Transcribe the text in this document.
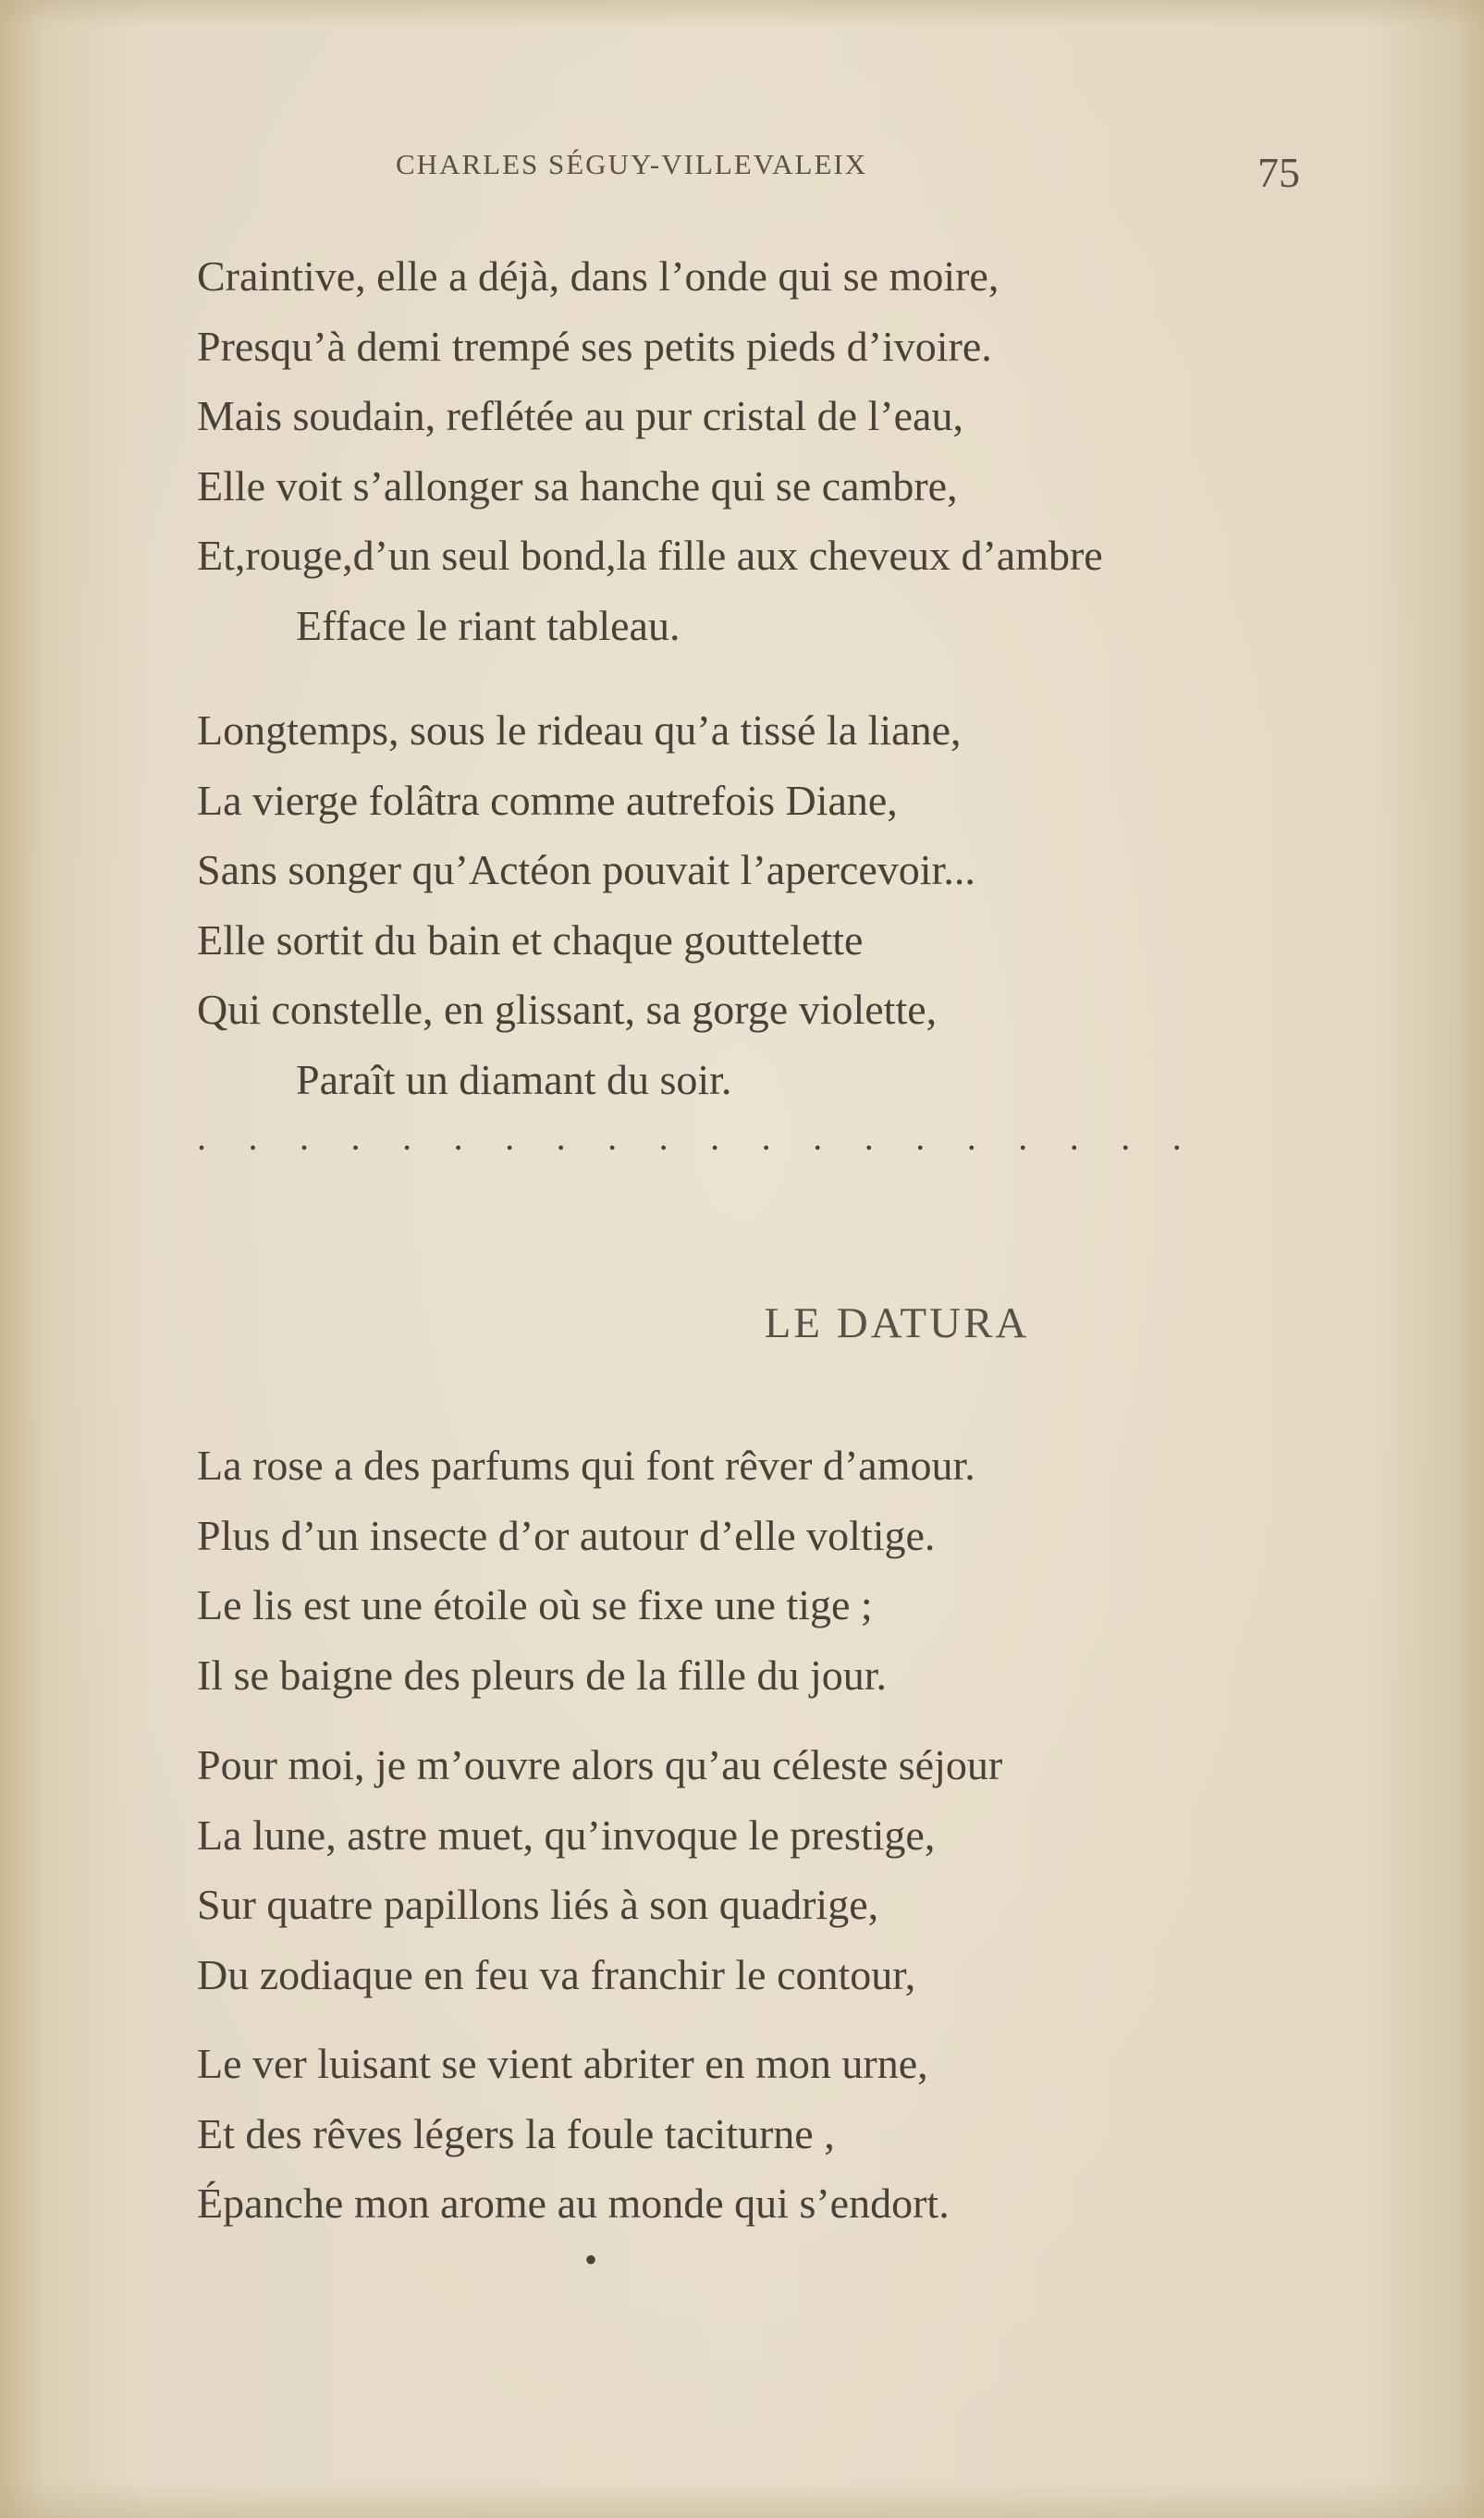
CHARLES SÉGUY-VILLEVALEIX	75
Craintive, elle a déjà, dans l’onde qui se moire,
Presqu’à demi trempé ses petits pieds d’ivoire.
Mais soudain, reflétée au pur cristal de l’eau,
Elle voit s’allonger sa hanche qui se cambre,
Et,rouge,d’un seul bond,la fille aux cheveux d’ambre
Efface le riant tableau.
Longtemps, sous le rideau qu’a tissé la liane,
La vierge folâtra comme autrefois Diane,
Sans songer qu’Actéon pouvait l’apercevoir...
Elle sortit du bain et chaque gouttelette
Qui constelle, en glissant, sa gorge violette,
Paraît un diamant du soir.
. . . . . . . . . . . . . . . . . . . .
LE DATURA
La rose a des parfums qui font rêver d’amour.
Plus d’un insecte d’or autour d’elle voltige.
Le lis est une étoile où se fixe une tige ;
Il se baigne des pleurs de la fille du jour.
Pour moi, je m’ouvre alors qu’au céleste séjour
La lune, astre muet, qu’invoque le prestige,
Sur quatre papillons liés à son quadrige,
Du zodiaque en feu va franchir le contour,
Le ver luisant se vient abriter en mon urne,
Et des rêves légers la foule taciturne ,
Épanche mon arome au monde qui s’endort.
•
